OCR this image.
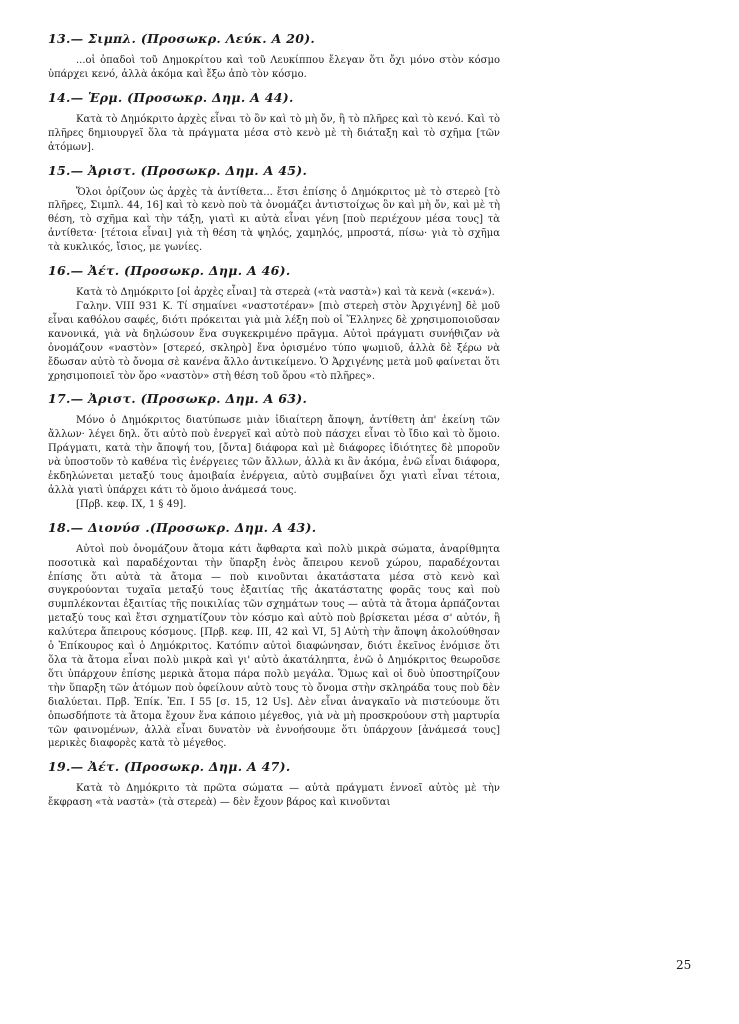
13.— Σιμπλ. (Προσωκρ. Λεύκ. Α 20).

...οἱ ὀπαδοὶ τοῦ Δημοκρίτου καὶ τοῦ Λευκίππου ἔλεγαν ὅτι ὄχι μόνο στὸν κόσμο ὑπάρχει κενό, ἀλλὰ ἀκόμα καὶ ἔξω ἀπὸ τὸν κόσμο.

14.— Ἑρμ. (Προσωκρ. Δημ. Α 44).

Κατὰ τὸ Δημόκριτο ἀρχὲς εἶναι τὸ ὂν καὶ τὸ μὴ ὄν, ἢ τὸ πλῆρες καὶ τὸ κενό. Καὶ τὸ πλῆρες δημιουργεῖ ὅλα τὰ πράγματα μέσα στὸ κενὸ μὲ τὴ διάταξη καὶ τὸ σχῆμα [τῶν ἀτόμων].

15.— Ἀριστ. (Προσωκρ. Δημ. Α 45).

Ὅλοι ὁρίζουν ὡς ἀρχὲς τὰ ἀντίθετα... ἔτσι ἐπίσης ὁ Δημόκριτος μὲ τὸ στερεὸ [τὸ πλῆρες, Σιμπλ. 44, 16] καὶ τὸ κενὸ ποὺ τὰ ὀνομάζει ἀντιστοίχως ὂν καὶ μὴ ὄν, καὶ μὲ τὴ θέση, τὸ σχῆμα καὶ τὴν τάξη, γιατὶ κι αὐτὰ εἶναι γένη [ποὺ περιέχουν μέσα τους] τὰ ἀντίθετα· [τέτοια εἶναι] γιὰ τὴ θέση τὰ ψηλός, χαμηλός, μπροστά, πίσω· γιὰ τὸ σχῆμα τὰ κυκλικός, ἴσιος, με γωνίες.

16.— Ἀέτ. (Προσωκρ. Δημ. Α 46).

Κατὰ τὸ Δημόκριτο [οἱ ἀρχὲς εἶναι] τὰ στερεὰ («τὰ ναστὰ») καὶ τὰ κενὰ («κενά»).

Γαλην. VIII 931 Κ. Τί σημαίνει «ναστοτέραν» [πιὸ στερεὴ στὸν Ἀρχιγένη] δὲ μοῦ εἶναι καθόλου σαφές, διότι πρόκειται γιὰ μιὰ λέξη ποὺ οἱ Ἕλληνες δὲ χρησιμοποιοῦσαν κανονικά, γιὰ νὰ δηλώσουν ἕνα συγκεκριμένο πρᾶγμα. Αὐτοὶ πράγματι συνήθιζαν νὰ ὀνομάζουν «ναστὸν» [στερεό, σκληρὸ] ἕνα ὁρισμένο τύπο ψωμιοῦ, ἀλλὰ δὲ ξέρω νὰ ἔδωσαν αὐτὸ τὸ ὄνομα σὲ κανένα ἄλλο ἀντικείμενο. Ὁ Ἀρχιγένης μετὰ μοῦ φαίνεται ὅτι χρησιμοποιεῖ τὸν ὅρο «ναστὸν» στὴ θέση τοῦ ὅρου «τὸ πλῆρες».

17.— Ἀριστ. (Προσωκρ. Δημ. Α 63).

Μόνο ὁ Δημόκριτος διατύπωσε μιὰν ἰδιαίτερη ἄποψη, ἀντίθετη ἀπ' ἐκείνη τῶν ἄλλων· λέγει δηλ. ὅτι αὐτὸ ποὺ ἐνεργεῖ καὶ αὐτὸ ποὺ πάσχει εἶναι τὸ ἴδιο καὶ τὸ ὅμοιο. Πράγματι, κατὰ τὴν ἄποψή του, [ὄντα] διάφορα καὶ μὲ διάφορες ἰδιότητες δὲ μποροῦν νὰ ὑποστοῦν τὸ καθένα τὶς ἐνέργειες τῶν ἄλλων, ἀλλὰ κι ἂν ἀκόμα, ἐνῶ εἶναι διάφορα, ἐκδηλώνεται μεταξύ τους ἀμοιβαία ἐνέργεια, αὐτὸ συμβαίνει ὄχι γιατὶ εἶναι τέτοια, ἀλλὰ γιατὶ ὑπάρχει κάτι τὸ ὅμοιο ἀνάμεσά τους.

[Πρβ. κεφ. ΙΧ, 1 § 49].

18.— Διονύσ .(Προσωκρ. Δημ. Α 43).

Αὐτοὶ ποὺ ὀνομάζουν ἄτομα κάτι ἄφθαρτα καὶ πολὺ μικρὰ σώματα, ἀναρίθμητα ποσοτικὰ καὶ παραδέχονται τὴν ὕπαρξη ἑνὸς ἄπειρου κενοῦ χώρου, παραδέχονται ἐπίσης ὅτι αὐτὰ τὰ ἄτομα — ποὺ κινοῦνται ἀκατάστατα μέσα στὸ κενὸ καὶ συγκρούονται τυχαῖα μεταξύ τους ἐξαιτίας τῆς ἀκατάστατης φορᾶς τους καὶ ποὺ συμπλέκονται ἐξαιτίας τῆς ποικιλίας τῶν σχημάτων τους — αὐτὰ τὰ ἄτομα ἁρπάζονται μεταξύ τους καὶ ἔτσι σχηματίζουν τὸν κόσμο καὶ αὐτὸ ποὺ βρίσκεται μέσα σ' αὐτόν, ἢ καλύτερα ἄπειρους κόσμους. [Πρβ. κεφ. III, 42 καὶ VI, 5] Αὐτὴ τὴν ἄποψη ἀκολούθησαν ὁ Ἐπίκουρος καὶ ὁ Δημόκριτος. Κατόπιν αὐτοὶ διαφώνησαν, διότι ἐκεῖνος ἐνόμισε ὅτι ὅλα τὰ ἄτομα εἶναι πολὺ μικρὰ καὶ γι' αὐτὸ ἀκατάληπτα, ἐνῶ ὁ Δημόκριτος θεωροῦσε ὅτι ὑπάρχουν ἐπίσης μερικὰ ἄτομα πάρα πολὺ μεγάλα. Ὅμως καὶ οἱ δυὸ ὑποστηρίζουν τὴν ὕπαρξη τῶν ἀτόμων ποὺ ὀφείλουν αὐτὸ τους τὸ ὄνομα στὴν σκληράδα τους ποὺ δὲν διαλύεται. Πρβ. Ἐπίκ. Ἐπ. Ι 55 [σ. 15, 12 Us]. Δὲν εἶναι ἀναγκαῖο νὰ πιστεύουμε ὅτι ὁπωσδήποτε τὰ ἄτομα ἔχουν ἕνα κάποιο μέγεθος, γιὰ νὰ μὴ προσκρούουν στὴ μαρτυρία τῶν φαινομένων, ἀλλὰ εἶναι δυνατὸν νὰ ἐννοήσουμε ὅτι ὑπάρχουν [ἀνάμεσά τους] μερικὲς διαφορὲς κατὰ τὸ μέγεθος.

19.— Ἀέτ. (Προσωκρ. Δημ. Α 47).

Κατὰ τὸ Δημόκριτο τὰ πρῶτα σώματα — αὐτὰ πράγματι ἐννοεῖ αὐτὸς μὲ τὴν ἔκφραση «τὰ ναστὰ» (τὰ στερεὰ) — δὲν ἔχουν βάρος καὶ κινοῦνται

25
